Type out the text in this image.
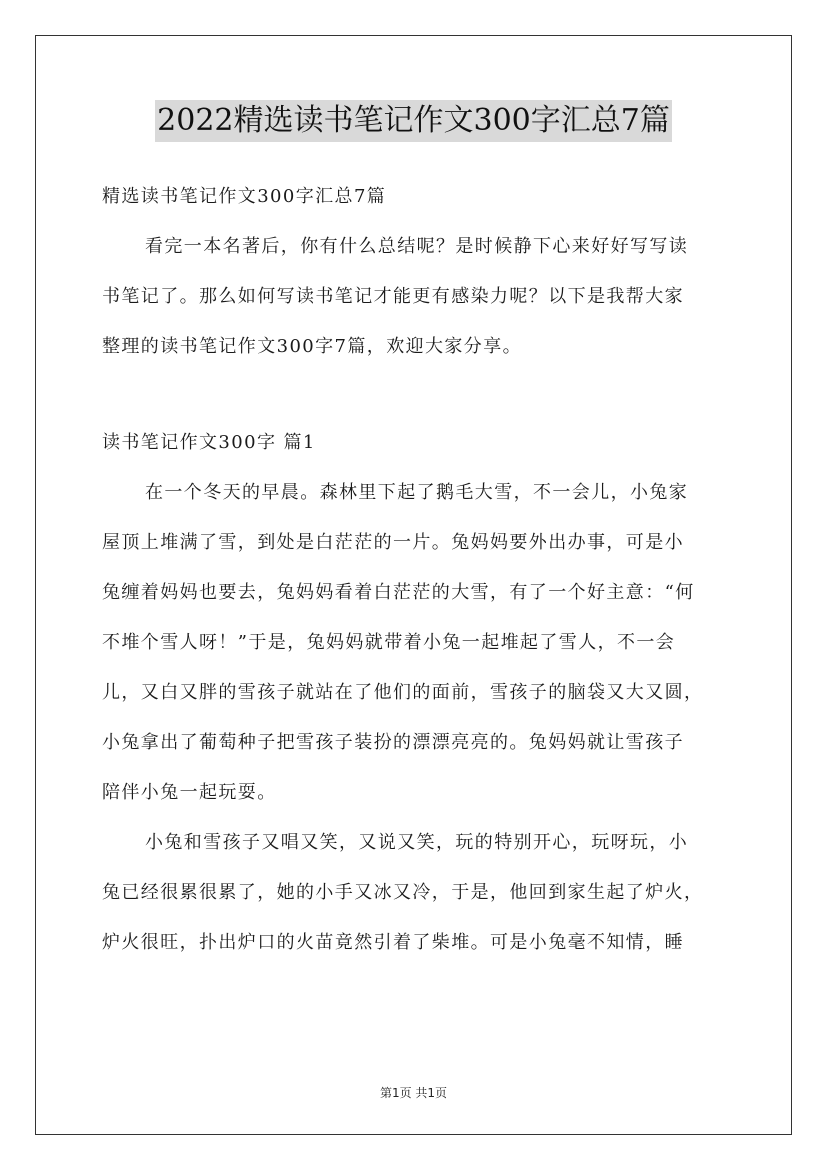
2022精选读书笔记作文300字汇总7篇
精选读书笔记作文300字汇总7篇
看完一本名著后，你有什么总结呢？是时候静下心来好好写写读
书笔记了。那么如何写读书笔记才能更有感染力呢？以下是我帮大家
整理的读书笔记作文300字7篇，欢迎大家分享。
读书笔记作文300字 篇1
在一个冬天的早晨。森林里下起了鹅毛大雪，不一会儿，小兔家
屋顶上堆满了雪，到处是白茫茫的一片。兔妈妈要外出办事，可是小
兔缠着妈妈也要去，兔妈妈看着白茫茫的大雪，有了一个好主意：“何
不堆个雪人呀！”于是，兔妈妈就带着小兔一起堆起了雪人，不一会
儿，又白又胖的雪孩子就站在了他们的面前，雪孩子的脑袋又大又圆，
小兔拿出了葡萄种子把雪孩子装扮的漂漂亮亮的。兔妈妈就让雪孩子
陪伴小兔一起玩耍。
小兔和雪孩子又唱又笑，又说又笑，玩的特别开心，玩呀玩，小
兔已经很累很累了，她的小手又冰又冷，于是，他回到家生起了炉火，
炉火很旺，扑出炉口的火苗竟然引着了柴堆。可是小兔毫不知情，睡
第1页 共1页
